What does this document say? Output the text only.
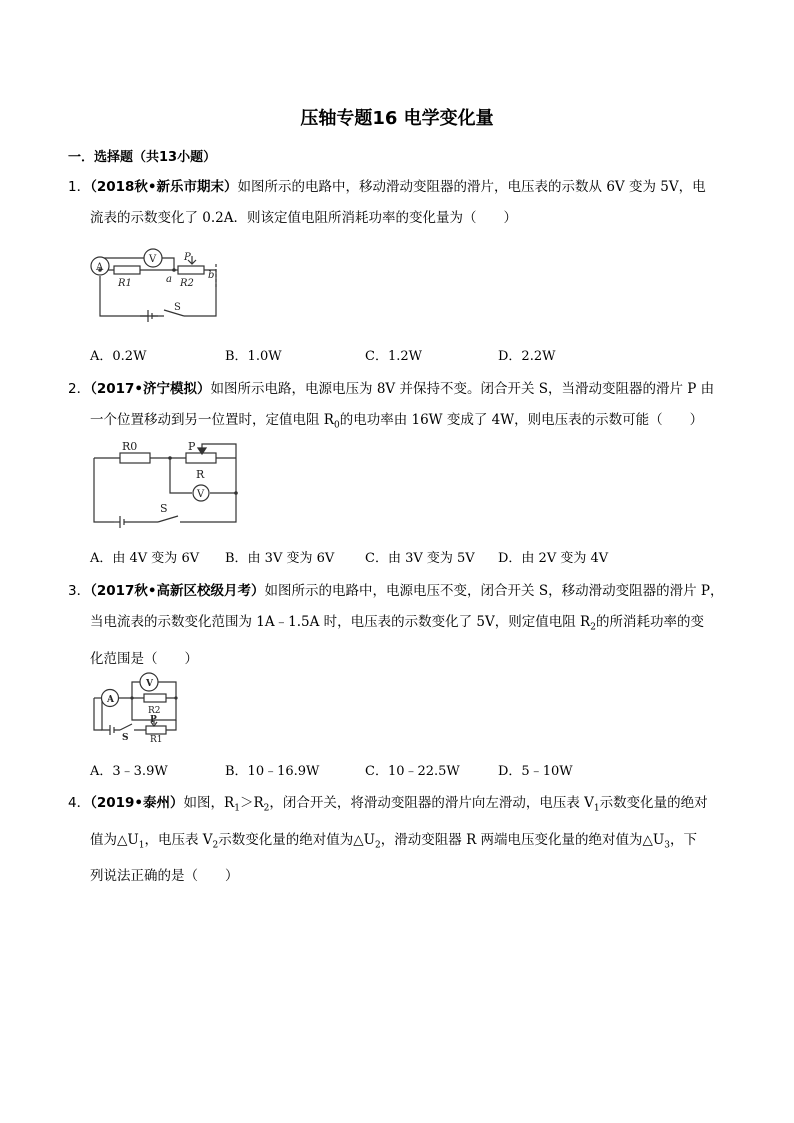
压轴专题16 电学变化量
一．选择题（共13小题）
1．（2018秋•新乐市期末）如图所示的电路中，移动滑动变阻器的滑片，电压表的示数从 6V 变为 5V，电
流表的示数变化了 0.2A．则该定值电阻所消耗功率的变化量为（　　）
V
A
R1	R2
P
a	b
S
A．0.2W	B．1.0W	C．1.2W	D．2.2W
2．（2017•济宁模拟）如图所示电路，电源电压为 8V 并保持不变。闭合开关 S，当滑动变阻器的滑片 P 由
一个位置移动到另一位置时，定值电阻 $R_0$的电功率由 16W 变成了 4W，则电压表的示数可能（　　）
R0	P
R
V
S
A．由 4V 变为 6V B．由 3V 变为 6V C．由 3V 变为 5V D．由 2V 变为 4V
3．（2017秋•高新区校级月考）如图所示的电路中，电源电压不变，闭合开关 S，移动滑动变阻器的滑片 P，
当电流表的示数变化范围为 1A﹣1.5A 时，电压表的示数变化了 5V，则定值电阻 $R_2$的所消耗功率的变
化范围是（　　）
A
V
R2
P
S R1
A．3﹣3.9W	B．10﹣16.9W	C．10﹣22.5W	D．5﹣10W
4．（2019•泰州）如图，$R_1>R_2$，闭合开关，将滑动变阻器的滑片向左滑动，电压表 $V_1$示数变化量的绝对
值为$\triangle U_1$，电压表 $V_2$示数变化量的绝对值为$\triangle U_2$，滑动变阻器 R 两端电压变化量的绝对值为$\triangle U_3$，下
列说法正确的是（　　）
